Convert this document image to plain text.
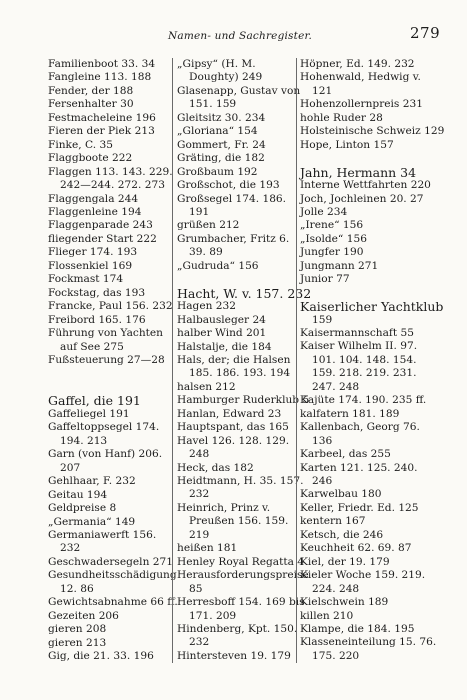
Namen- und Sachregister.	279
Familienboot 33. 34
Fangleine 113. 188
Fender, der 188
Fersenhalter 30
Festmacheleine 196
Fieren der Piek 213
Finke, C. 35
Flaggboote 222
Flaggen 113. 143. 229.
242—244. 272. 273
Flaggengala 244
Flaggenleine 194
Flaggenparade 243
fliegender Start 222
Flieger 174. 193
Flossenkiel 169
Fockmast 174
Fockstag, das 193
Francke, Paul 156. 232
Freibord 165. 176
Führung von Yachten
auf See 275
Fußsteuerung 27—28
Gaffel, die 191
Gaffeliegel 191
Gaffeltoppsegel 174.
194. 213
Garn (von Hanf) 206.
207
Gehlhaar, F. 232
Geitau 194
Geldpreise 8
„Germania“ 149
Germaniawerft 156.
232
Geschwadersegeln 271
Gesundheitsschädigung
12. 86
Gewichtsabnahme 66 ff.
Gezeiten 206
gieren 208
gieren 213
Gig, die 21. 33. 196
„Gipsy“ (H. M.
Doughty) 249
Glasenapp, Gustav von
151. 159
Gleitsitz 30. 234
„Gloriana“ 154
Gommert, Fr. 24
Gräting, die 182
Großbaum 192
Großschot, die 193
Großsegel 174. 186.
191
grüßen 212
Grumbacher, Fritz 6.
39. 89
„Gudruda“ 156
Hacht, W. v. 157. 232
Hagen 232
Halbausleger 24
halber Wind 201
Halstalje, die 184
Hals, der; die Halsen
185. 186. 193. 194
halsen 212
Hamburger Ruderklub 5
Hanlan, Edward 23
Hauptspant, das 165
Havel 126. 128. 129.
248
Heck, das 182
Heidtmann, H. 35. 157.
232
Heinrich, Prinz v.
Preußen 156. 159.
219
heißen 181
Henley Royal Regatta 4
Herausforderungspreise
85
Herresboff 154. 169 bis
171. 209
Hindenberg, Kpt. 150.
232
Hintersteven 19. 179
Höpner, Ed. 149. 232
Hohenwald, Hedwig v.
121
Hohenzollernpreis 231
hohle Ruder 28
Holsteinische Schweiz 129
Hope, Linton 157
Jahn, Hermann 34
Interne Wettfahrten 220
Joch, Jochleinen 20. 27
Jolle 234
„Irene“ 156
„Isolde“ 156
Jungfer 190
Jungmann 271
Junior 77
Kaiserlicher Yachtklub
159
Kaisermannschaft 55
Kaiser Wilhelm II. 97.
101. 104. 148. 154.
159. 218. 219. 231.
247. 248
Kajüte 174. 190. 235 ff.
kalfatern 181. 189
Kallenbach, Georg 76.
136
Karbeel, das 255
Karten 121. 125. 240.
246
Karwelbau 180
Keller, Friedr. Ed. 125
kentern 167
Ketsch, die 246
Keuchheit 62. 69. 87
Kiel, der 19. 179
Kieler Woche 159. 219.
224. 248
Kielschwein 189
killen 210
Klampe, die 184. 195
Klasseneinteilung 15. 76.
175. 220
